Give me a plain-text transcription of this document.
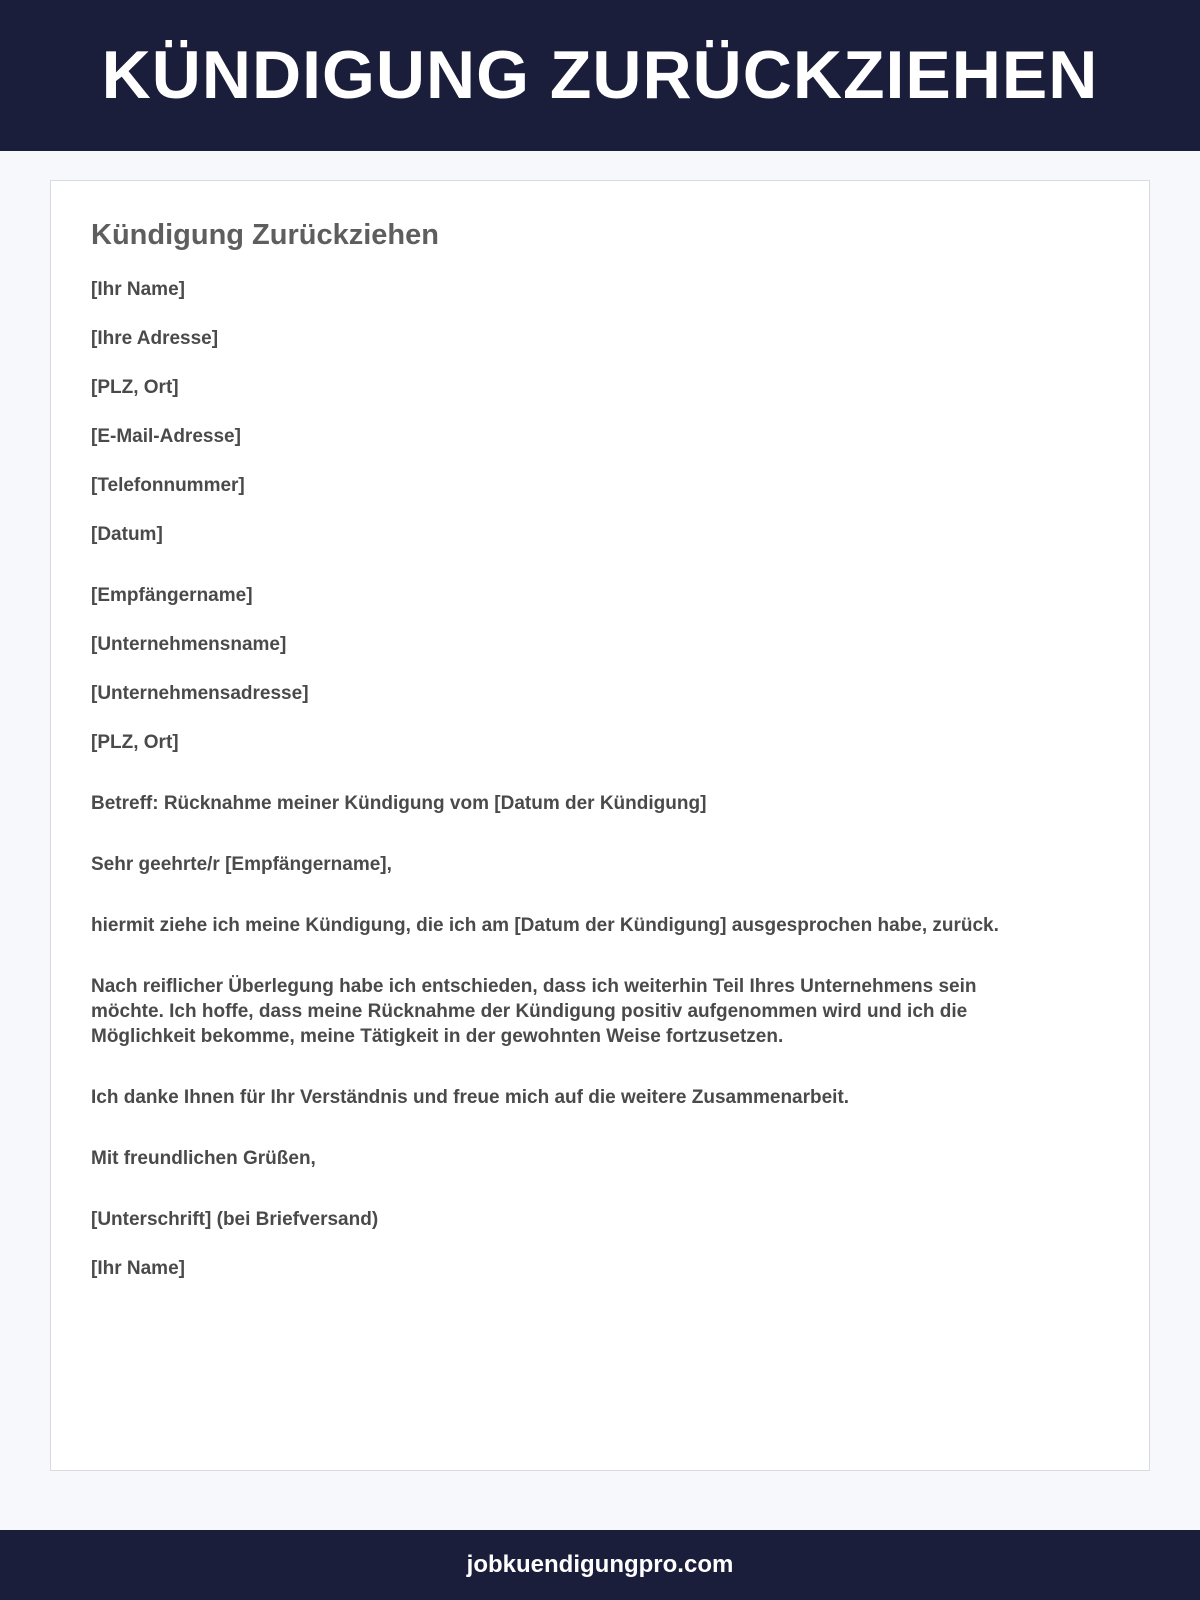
KÜNDIGUNG ZURÜCKZIEHEN
Kündigung Zurückziehen
[Ihr Name]
[Ihre Adresse]
[PLZ, Ort]
[E-Mail-Adresse]
[Telefonnummer]
[Datum]
[Empfängername]
[Unternehmensname]
[Unternehmensadresse]
[PLZ, Ort]
Betreff: Rücknahme meiner Kündigung vom [Datum der Kündigung]
Sehr geehrte/r [Empfängername],
hiermit ziehe ich meine Kündigung, die ich am [Datum der Kündigung] ausgesprochen habe, zurück.
Nach reiflicher Überlegung habe ich entschieden, dass ich weiterhin Teil Ihres Unternehmens sein möchte. Ich hoffe, dass meine Rücknahme der Kündigung positiv aufgenommen wird und ich die Möglichkeit bekomme, meine Tätigkeit in der gewohnten Weise fortzusetzen.
Ich danke Ihnen für Ihr Verständnis und freue mich auf die weitere Zusammenarbeit.
Mit freundlichen Grüßen,
[Unterschrift] (bei Briefversand)
[Ihr Name]
jobkuendigungpro.com
